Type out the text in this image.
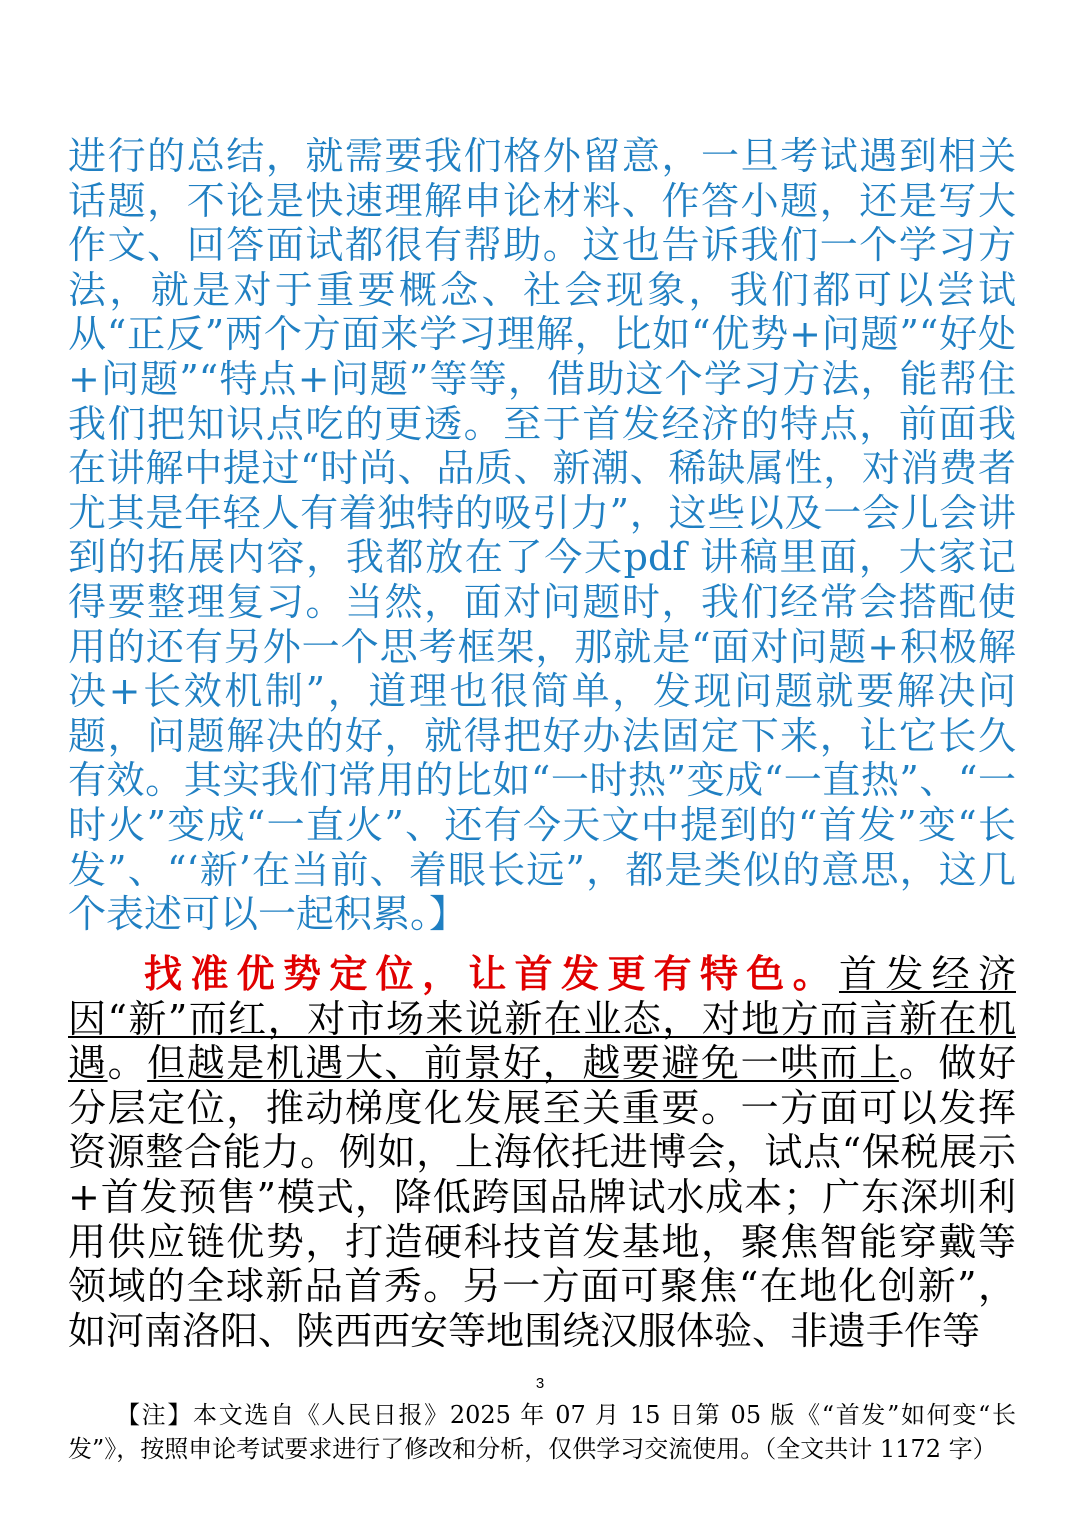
进行的总结，就需要我们格外留意，一旦考试遇到相关话题，不论是快速理解申论材料、作答小题，还是写大作文、回答面试都很有帮助。这也告诉我们一个学习方法，就是对于重要概念、社会现象，我们都可以尝试从“正反”两个方面来学习理解，比如“优势+问题”“好处+问题”“特点+问题”等等，借助这个学习方法，能帮住我们把知识点吃的更透。至于首发经济的特点，前面我在讲解中提过“时尚、品质、新潮、稀缺属性，对消费者尤其是年轻人有着独特的吸引力”，这些以及一会儿会讲到的拓展内容，我都放在了今天pdf 讲稿里面，大家记得要整理复习。当然，面对问题时，我们经常会搭配使用的还有另外一个思考框架，那就是“面对问题+积极解决+长效机制”，道理也很简单，发现问题就要解决问题，问题解决的好，就得把好办法固定下来，让它长久有效。其实我们常用的比如“一时热”变成“一直热”、“一时火”变成“一直火”、还有今天文中提到的“首发”变“长发”、“‘新’在当前、着眼长远”，都是类似的意思，这几个表述可以一起积累。】
找准优势定位，让首发更有特色。首发经济因“新”而红，对市场来说新在业态，对地方而言新在机遇。但越是机遇大、前景好，越要避免一哄而上。做好分层定位，推动梯度化发展至关重要。一方面可以发挥资源整合能力。例如，上海依托进博会，试点“保税展示+首发预售”模式，降低跨国品牌试水成本；广东深圳利用供应链优势，打造硬科技首发基地，聚焦智能穿戴等领域的全球新品首秀。另一方面可聚焦“在地化创新”，如河南洛阳、陕西西安等地围绕汉服体验、非遗手作等
3
【注】本文选自《人民日报》2025 年 07 月 15 日第 05 版《“首发”如何变“长发”》，按照申论考试要求进行了修改和分析，仅供学习交流使用。（全文共计 1172 字）
